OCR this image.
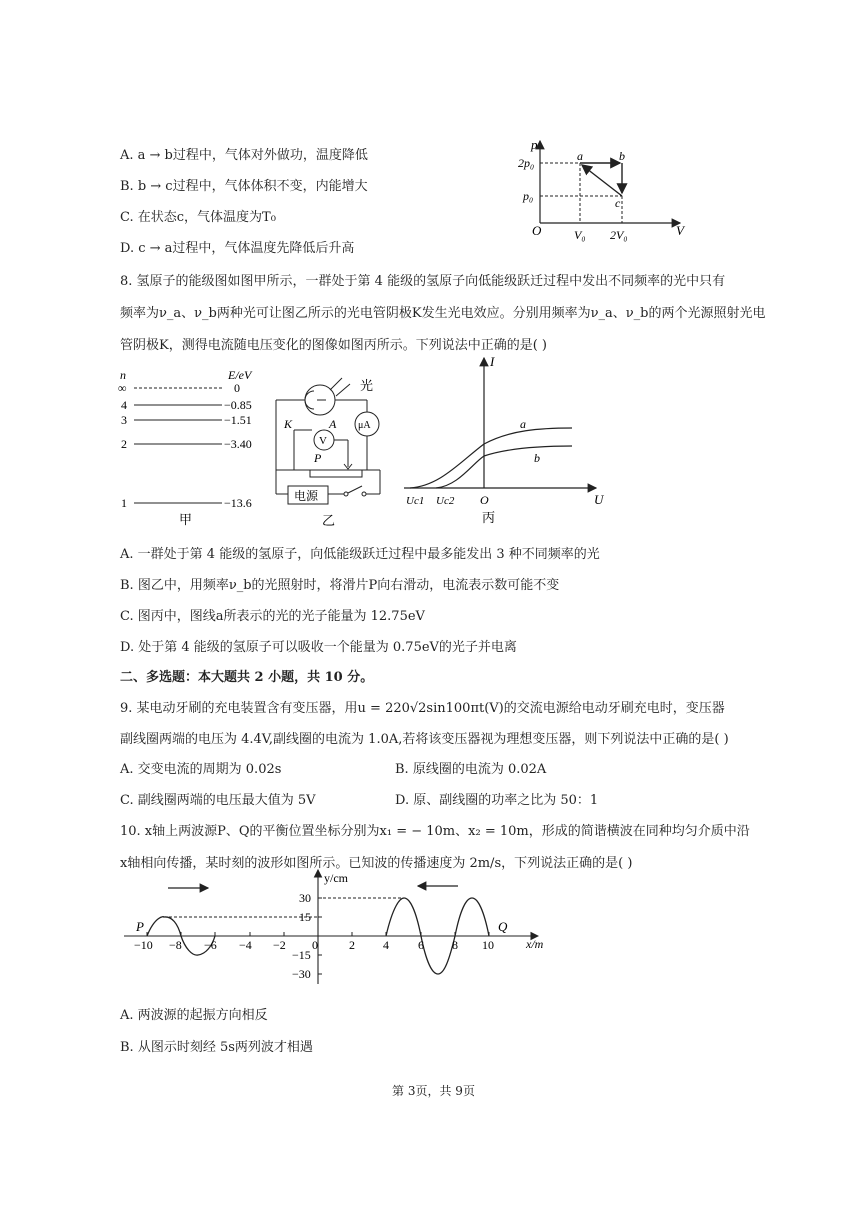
A. a → b过程中，气体对外做功，温度降低
B. b → c过程中，气体体积不变，内能增大
C. 在状态c，气体温度为T₀
D. c → a过程中，气体温度先降低后升高
p
V
O
2p₀
p₀
V₀ 2V₀
a	b
c
8. 氢原子的能级图如图甲所示，一群处于第 4 能级的氢原子向低能级跃迁过程中发出不同频率的光中只有
频率为ν_a、ν_b两种光可让图乙所示的光电管阴极K发生光电效应。分别用频率为ν_a、ν_b的两个光源照射光电
管阴极K，测得电流随电压变化的图像如图丙所示。下列说法中正确的是( )
n	E/eV
∞
4
3
2
1
0
−0.85
−1.51
−3.40
−13.6
甲
光
K	A μA
V
P
电源
乙
I
U
O
Uc1 Uc2
a
b
丙
A. 一群处于第 4 能级的氢原子，向低能级跃迁过程中最多能发出 3 种不同频率的光
B. 图乙中，用频率ν_b的光照射时，将滑片P向右滑动，电流表示数可能不变
C. 图丙中，图线a所表示的光的光子能量为 12.75eV
D. 处于第 4 能级的氢原子可以吸收一个能量为 0.75eV的光子并电离
二、多选题：本大题共 2 小题，共 10 分。
9. 某电动牙刷的充电装置含有变压器，用u = 220√2sin100πt(V)的交流电源给电动牙刷充电时，变压器
副线圈两端的电压为 4.4V,副线圈的电流为 1.0A,若将该变压器视为理想变压器，则下列说法中正确的是( )
A. 交变电流的周期为 0.02s	B. 原线圈的电流为 0.02A
C. 副线圈两端的电压最大值为 5V	D. 原、副线圈的功率之比为 50：1
10. x轴上两波源P、Q的平衡位置坐标分别为x₁ = − 10m、x₂ = 10m，形成的简谐横波在同种均匀介质中沿
x轴相向传播，某时刻的波形如图所示。已知波的传播速度为 2m/s，下列说法正确的是( )
y/cm
x/m
P	Q
0
−10 −8 −6 −4 −2	2 4 6 8 10
30
15
−15
−30
A. 两波源的起振方向相反
B. 从图示时刻经 5s两列波才相遇
第 3页，共 9页
